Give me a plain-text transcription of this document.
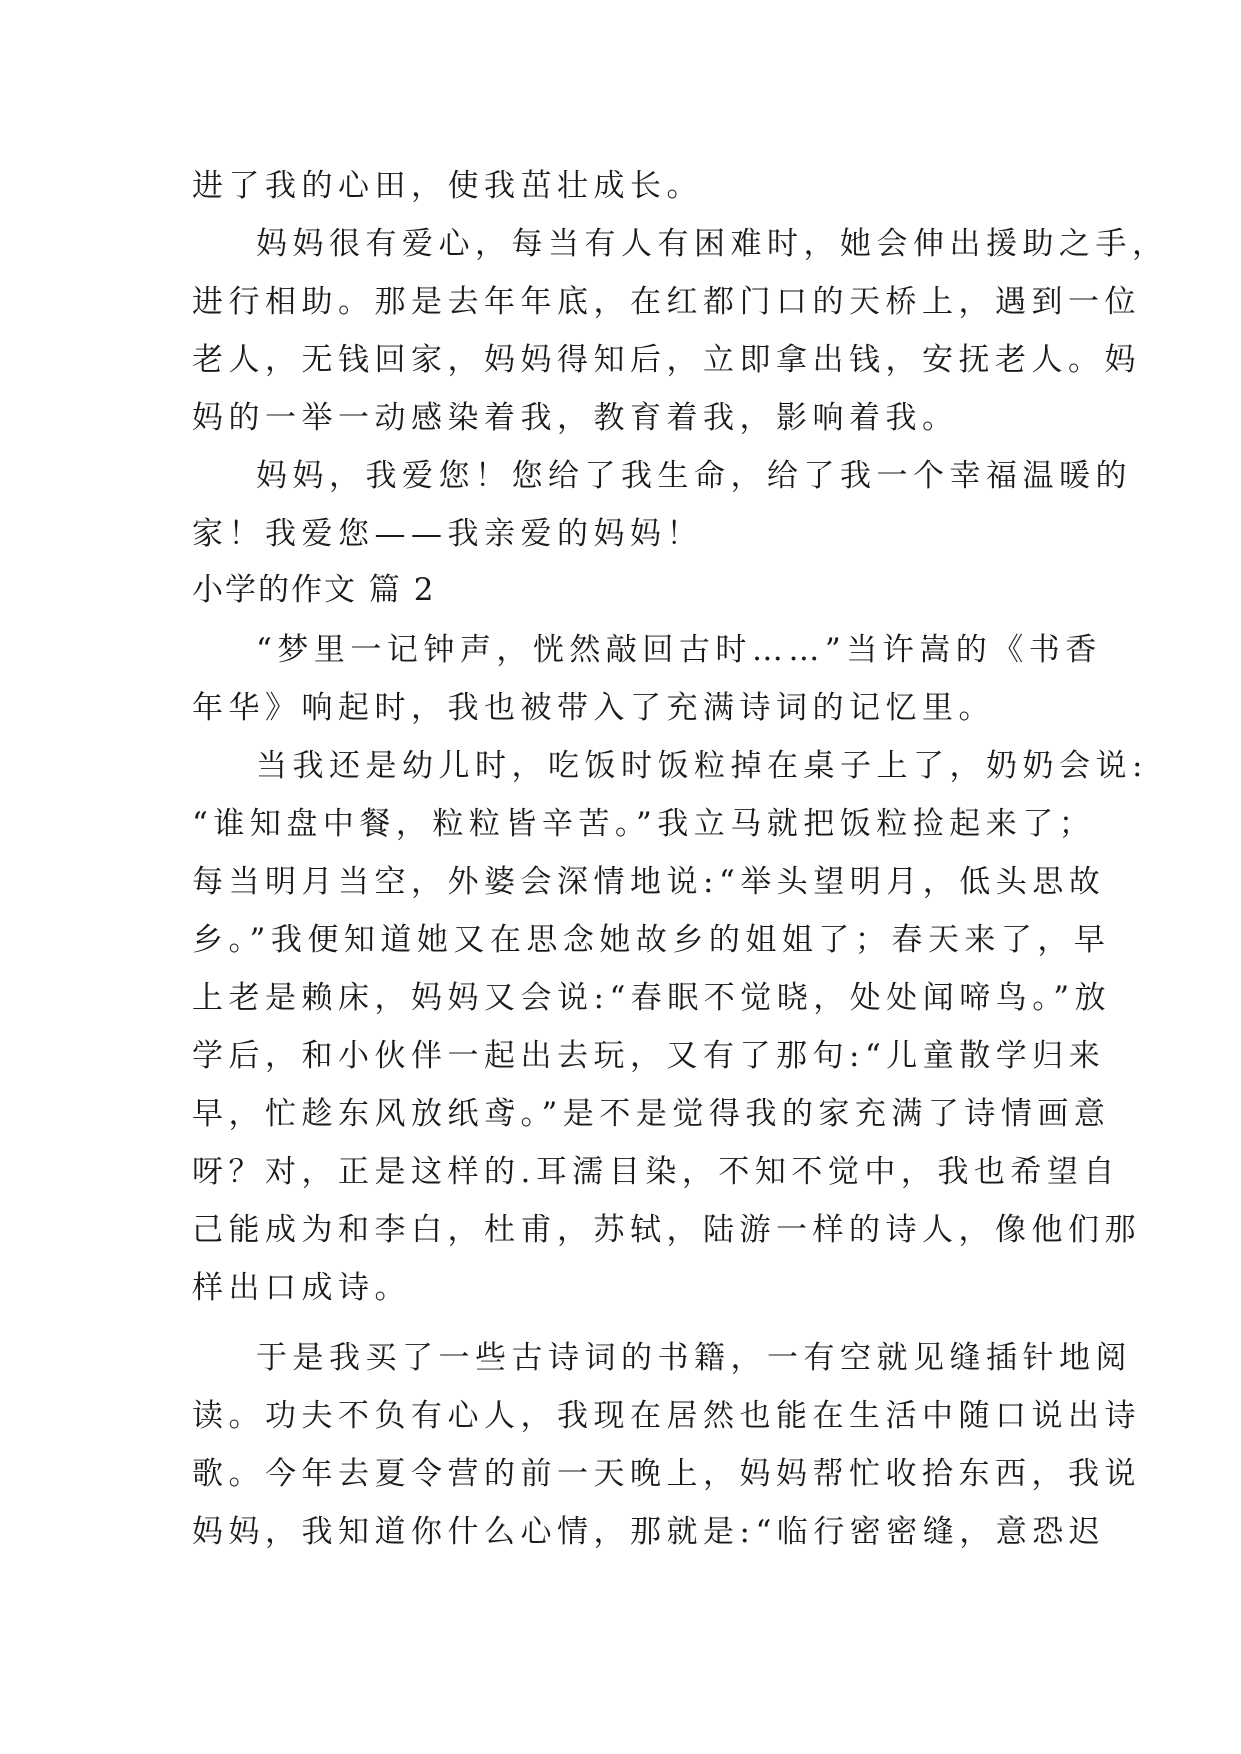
进了我的心田，使我茁壮成长。
妈妈很有爱心，每当有人有困难时，她会伸出援助之手，
进行相助。那是去年年底，在红都门口的天桥上，遇到一位
老人，无钱回家，妈妈得知后，立即拿出钱，安抚老人。妈
妈的一举一动感染着我，教育着我，影响着我。
妈妈，我爱您！您给了我生命，给了我一个幸福温暖的
家！我爱您——我亲爱的妈妈！
小学的作文 篇 2
“梦里一记钟声，恍然敲回古时……”当许嵩的《书香
年华》响起时，我也被带入了充满诗词的记忆里。
当我还是幼儿时，吃饭时饭粒掉在桌子上了，奶奶会说:
“谁知盘中餐，粒粒皆辛苦。”我立马就把饭粒捡起来了；
每当明月当空，外婆会深情地说:“举头望明月，低头思故
乡。”我便知道她又在思念她故乡的姐姐了；春天来了，早
上老是赖床，妈妈又会说:“春眠不觉晓，处处闻啼鸟。”放
学后，和小伙伴一起出去玩，又有了那句:“儿童散学归来
早，忙趁东风放纸鸢。”是不是觉得我的家充满了诗情画意
呀？对，正是这样的.耳濡目染，不知不觉中，我也希望自
己能成为和李白，杜甫，苏轼，陆游一样的诗人，像他们那
样出口成诗。
于是我买了一些古诗词的书籍，一有空就见缝插针地阅
读。功夫不负有心人，我现在居然也能在生活中随口说出诗
歌。今年去夏令营的前一天晚上，妈妈帮忙收拾东西，我说
妈妈，我知道你什么心情，那就是:“临行密密缝，意恐迟
